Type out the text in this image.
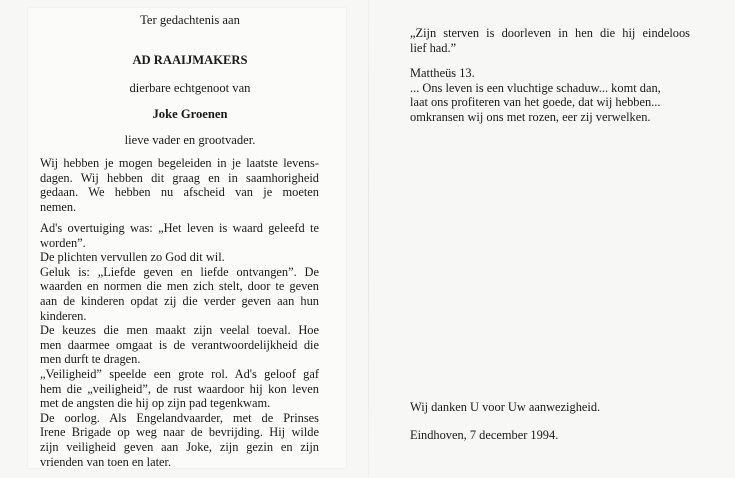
Ter gedachtenis aan
AD RAAIJMAKERS
dierbare echtgenoot van
Joke Groenen
lieve vader en grootvader.
Wij hebben je mogen begeleiden in je laatste levens-
dagen. Wij hebben dit graag en in saamhorigheid
gedaan. We hebben nu afscheid van je moeten
nemen.
Ad's overtuiging was: „Het leven is waard geleefd te
worden”.
De plichten vervullen zo God dit wil.
Geluk is: „Liefde geven en liefde ontvangen”. De
waarden en normen die men zich stelt, door te geven
aan de kinderen opdat zij die verder geven aan hun
kinderen.
De keuzes die men maakt zijn veelal toeval. Hoe
men daarmee omgaat is de verantwoordelijkheid die
men durft te dragen.
„Veiligheid” speelde een grote rol. Ad's geloof gaf
hem die „veiligheid”, de rust waardoor hij kon leven
met de angsten die hij op zijn pad tegenkwam.
De oorlog. Als Engelandvaarder, met de Prinses
Irene Brigade op weg naar de bevrijding. Hij wilde
zijn veiligheid geven aan Joke, zijn gezin en zijn
vrienden van toen en later.
„Zijn sterven is doorleven in hen die hij eindeloos
lief had.”
Mattheüs 13.
... Ons leven is een vluchtige schaduw... komt dan,
laat ons profiteren van het goede, dat wij hebben...
omkransen wij ons met rozen, eer zij verwelken.
Wij danken U voor Uw aanwezigheid.
Eindhoven, 7 december 1994.
